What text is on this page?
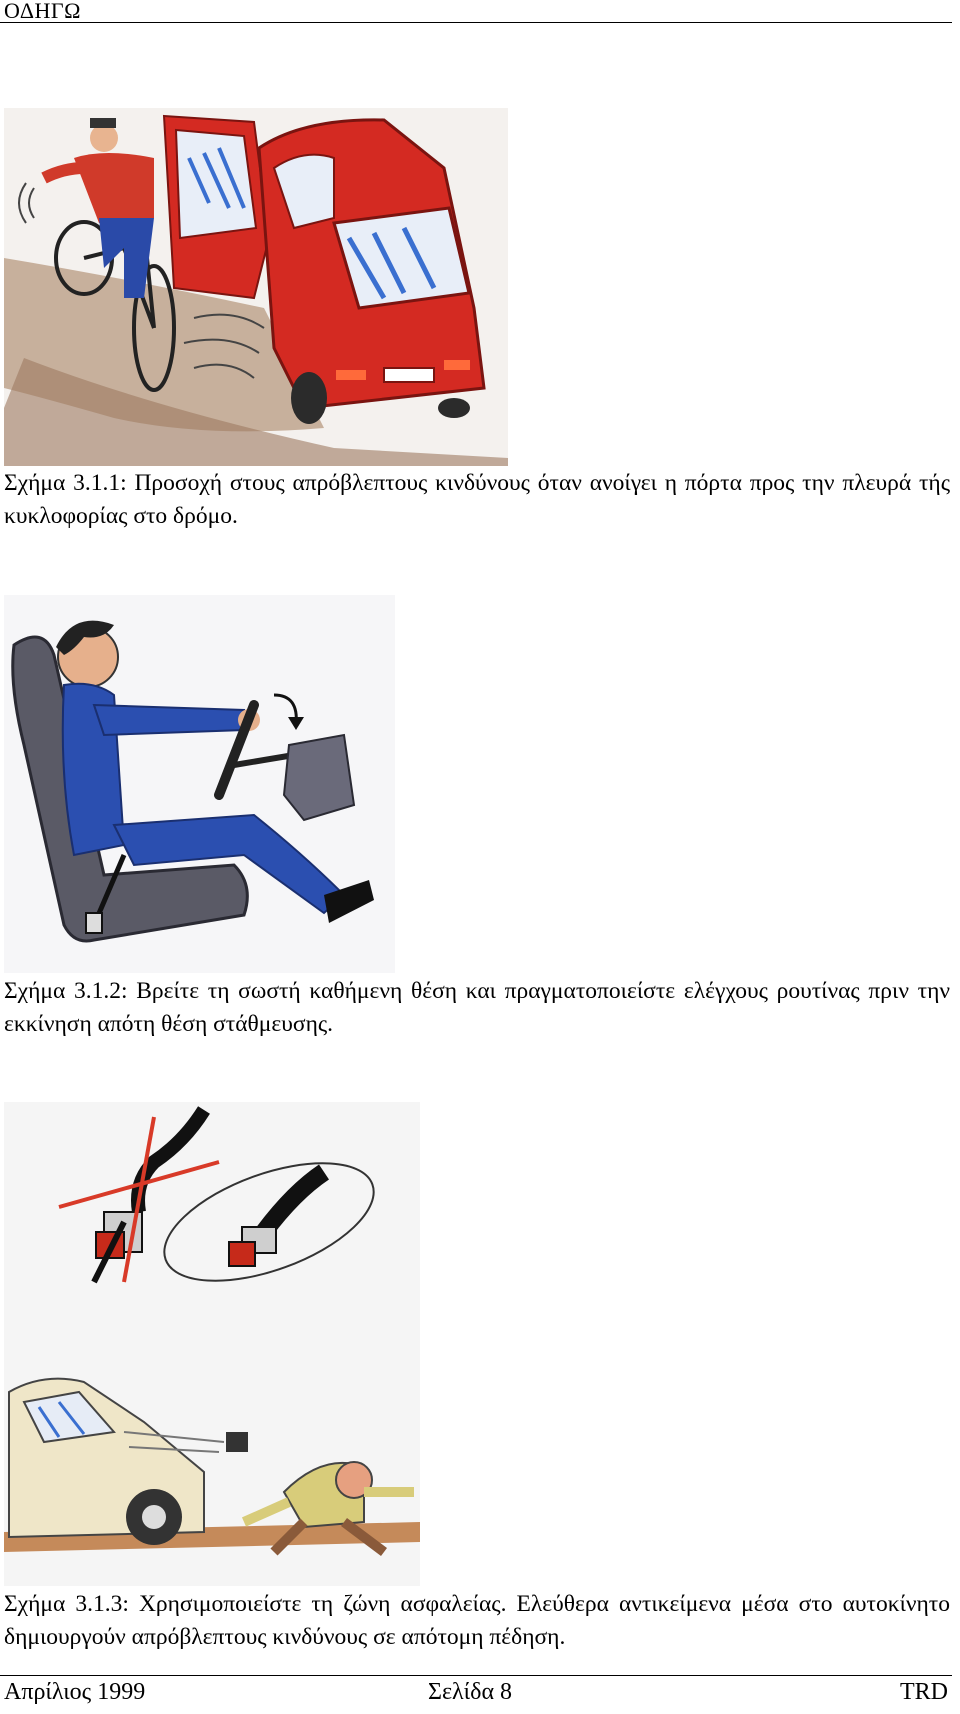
ΟΔΗΓΩ
Σχήμα 3.1.1: Προσοχή στους απρόβλεπτους κινδύνους όταν ανοίγει η πόρτα προς την πλευρά τής κυκλοφορίας στο δρόμο.
Σχήμα 3.1.2: Βρείτε τη σωστή καθήμενη θέση και πραγματοποιείστε ελέγχους ρουτίνας πριν την εκκίνηση απότη θέση στάθμευσης.
Σχήμα 3.1.3: Χρησιμοποιείστε τη ζώνη ασφαλείας. Ελεύθερα αντικείμενα μέσα στο αυτοκίνητο δημιουργούν απρόβλεπτους κινδύνους σε απότομη πέδηση.
Απρίλιος 1999	Σελίδα 8	TRD
